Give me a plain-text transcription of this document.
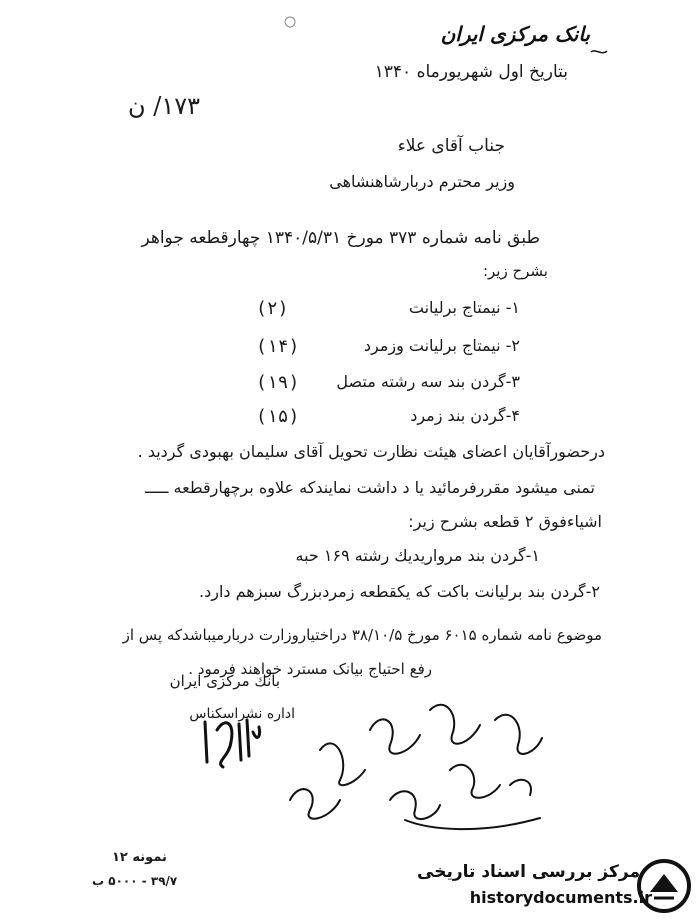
بانک مرکزی ایران
بتاریخ اول شهریورماه ۱۳۴۰
۱۷۳/ ن
جناب آقای علاء
وزیر محترم دربارشاهنشاهی
طبق نامه شماره ۳۷۳ مورخ ۱۳۴۰/۵/۳۱ چهارقطعه جواهر
بشرح زیر:
۱- نیمتاج برلیانت
(۲)
۲- نیمتاج برلیانت وزمرد
(۱۴)
۳-گردن بند سه رشته متصل
(۱۹)
۴-گردن بند زمرد
(۱۵)
درحضورآقایان اعضای هیئت نظارت تحویل آقای سلیمان بهبودی گردید .
تمنی میشود مقررفرمائید یا د داشت نمایندکه علاوه برچهارقطعه ـــــ
اشیاءفوق ۲ قطعه بشرح زیر:
۱-گردن بند مرواریدیك رشته ۱۶۹ حبه
۲-گردن بند برلیانت باکت که یکقطعه زمردبزرگ سبزهم دارد.
موضوع نامه شماره ۶۰۱۵ مورخ ۳۸/۱۰/۵ دراختیاروزارت دربارمیباشدکه پس از
رفع احتیاج بیانک مسترد خواهند فرمود .
بانك مرکزی ایران
اداره نشراسکناس
نمونه ۱۲
۳۹/۷ - ۵۰۰۰ ب	مرکز بررسی اسناد تاریخی
historydocuments.ir
